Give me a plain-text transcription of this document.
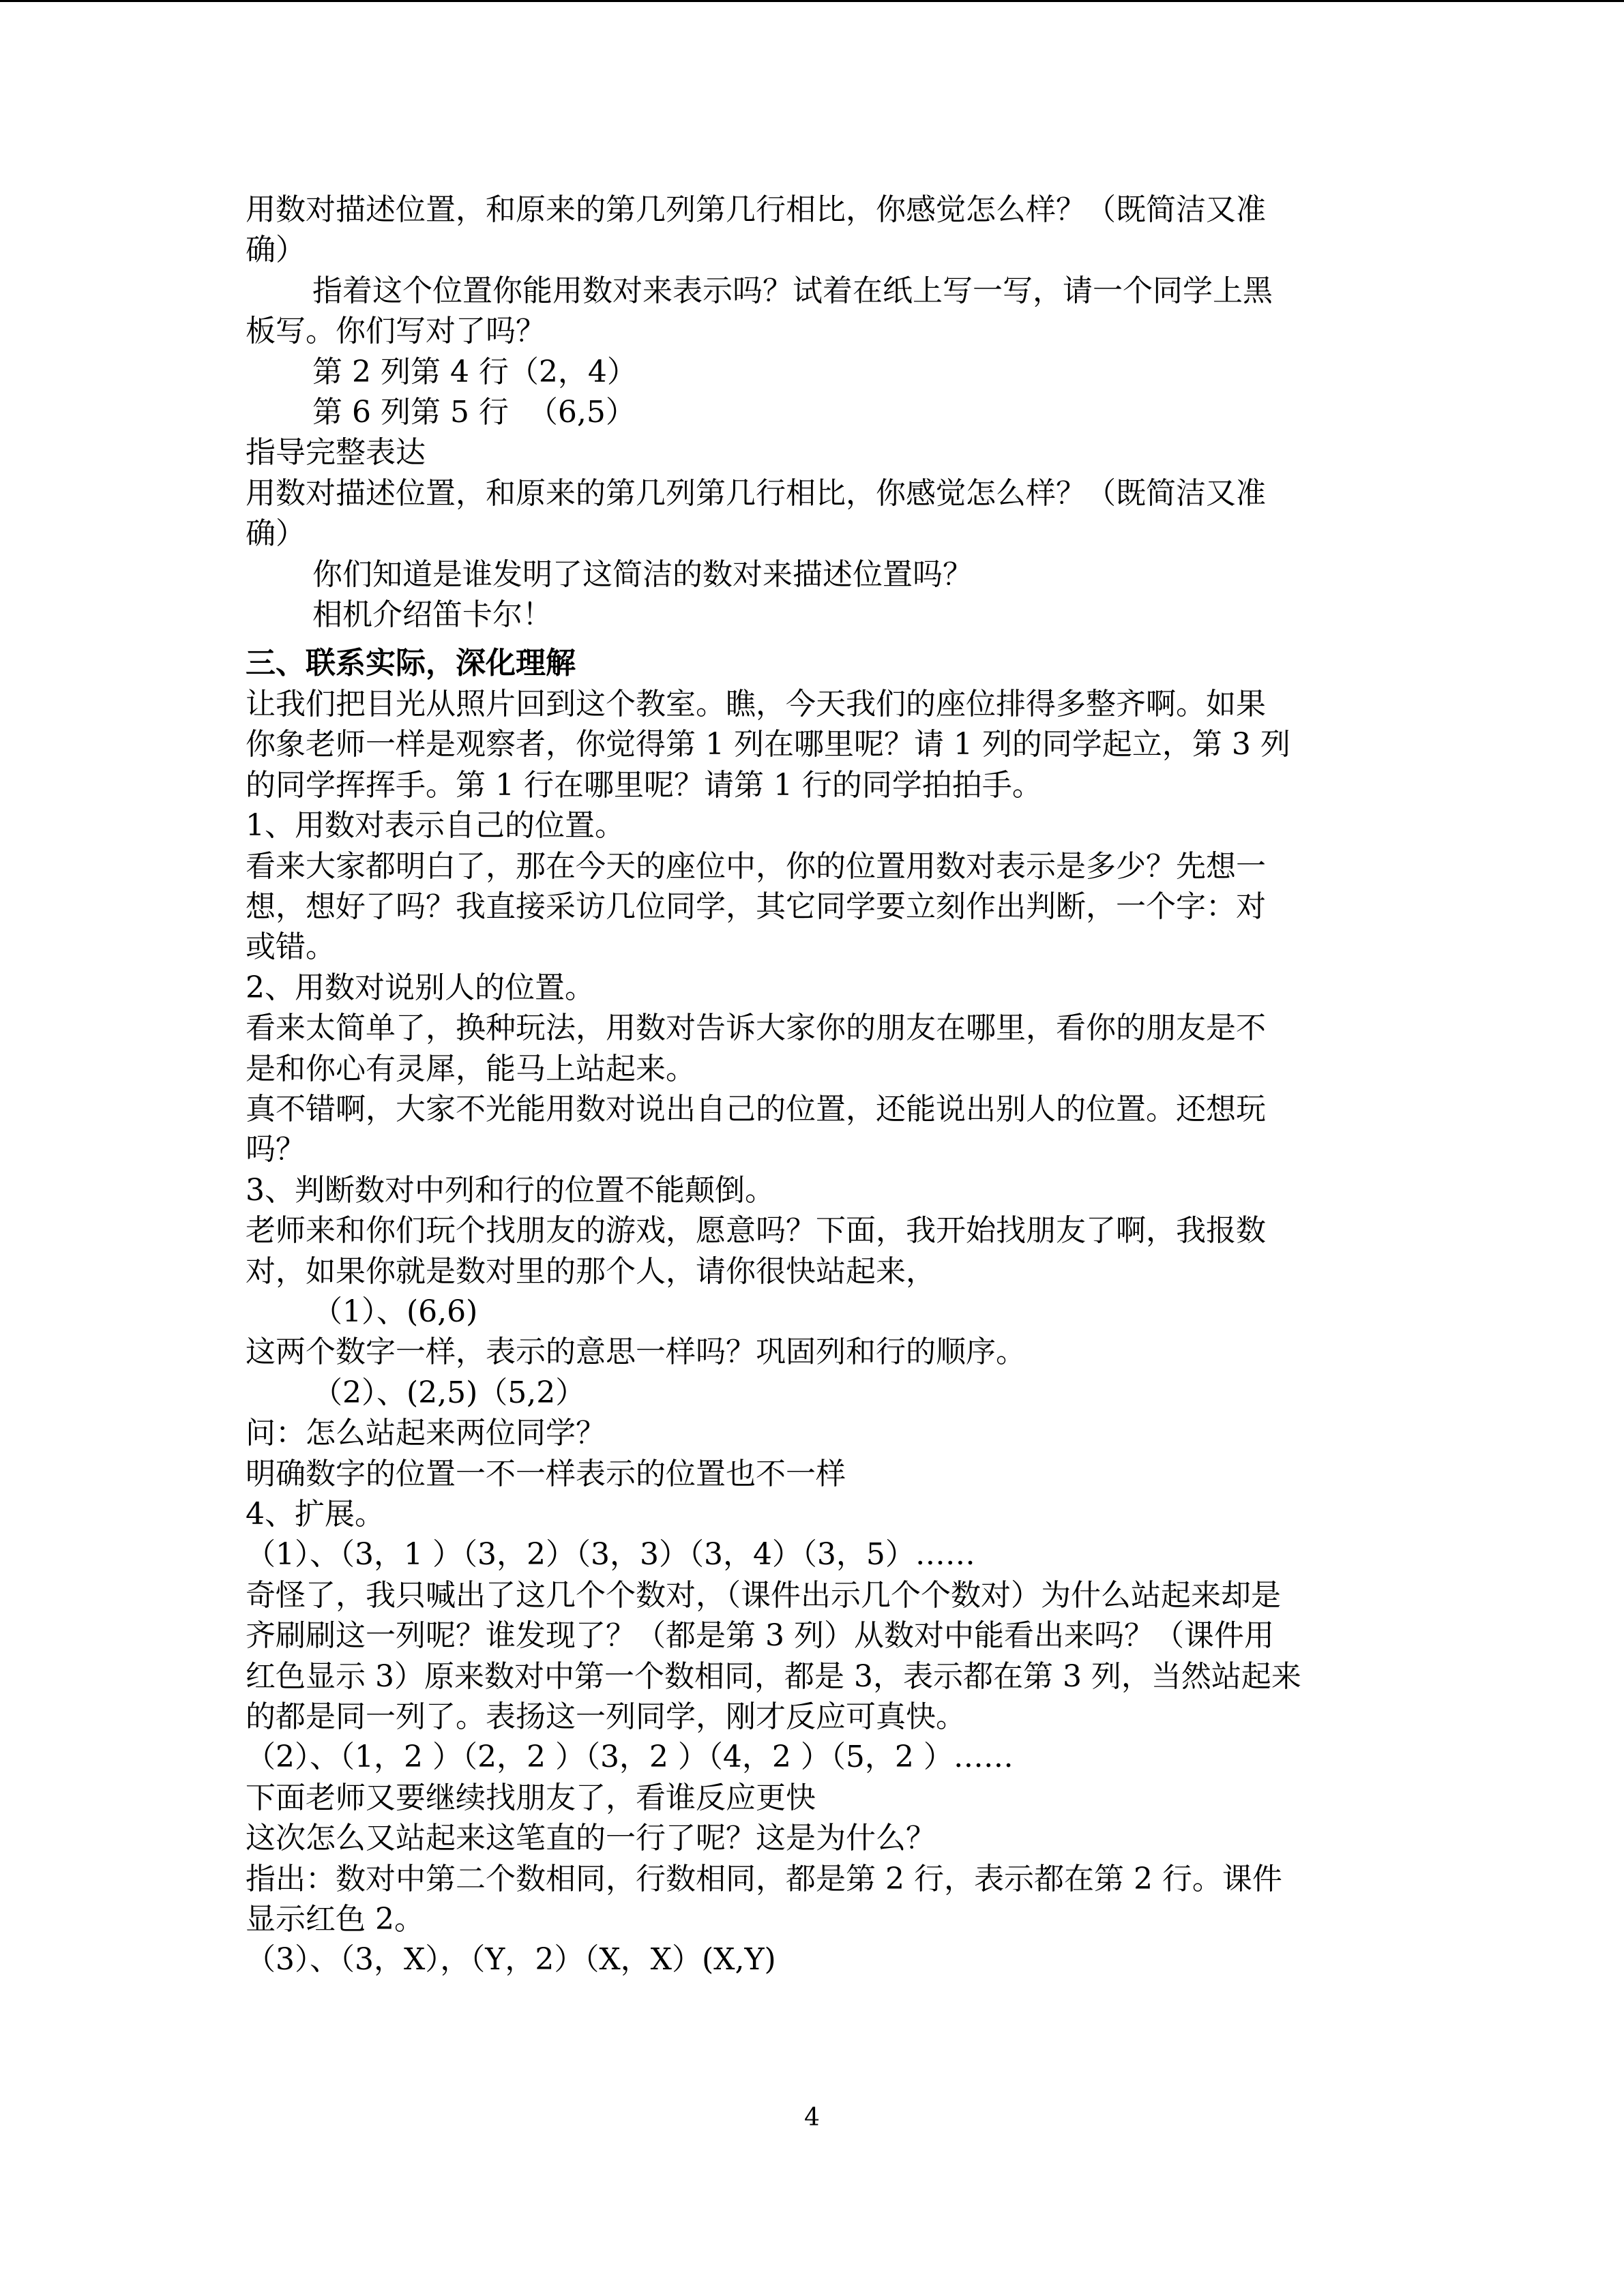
用数对描述位置，和原来的第几列第几行相比，你感觉怎么样？（既简洁又准

确）

指着这个位置你能用数对来表示吗？试着在纸上写一写，请一个同学上黑

板写。你们写对了吗？

第 2 列第 4 行（2，4）

第 6 列第 5 行  （6,5）

指导完整表达

用数对描述位置，和原来的第几列第几行相比，你感觉怎么样？（既简洁又准

确）

你们知道是谁发明了这简洁的数对来描述位置吗？

相机介绍笛卡尔！

三、联系实际，深化理解

让我们把目光从照片回到这个教室。瞧，今天我们的座位排得多整齐啊。如果

你象老师一样是观察者，你觉得第 1 列在哪里呢？请 1 列的同学起立，第 3 列

的同学挥挥手。第 1 行在哪里呢？请第 1 行的同学拍拍手。

1、用数对表示自己的位置。

看来大家都明白了，那在今天的座位中，你的位置用数对表示是多少？先想一

想，想好了吗？我直接采访几位同学，其它同学要立刻作出判断，一个字：对

或错。

2、用数对说别人的位置。

看来太简单了，换种玩法，用数对告诉大家你的朋友在哪里，看你的朋友是不

是和你心有灵犀，能马上站起来。

真不错啊，大家不光能用数对说出自己的位置，还能说出别人的位置。还想玩

吗？

3、判断数对中列和行的位置不能颠倒。

老师来和你们玩个找朋友的游戏，愿意吗？下面，我开始找朋友了啊，我报数

对，如果你就是数对里的那个人，请你很快站起来，

（1）、(6,6)

这两个数字一样，表示的意思一样吗？巩固列和行的顺序。

（2）、(2,5)（5,2）

问：怎么站起来两位同学？

明确数字的位置一不一样表示的位置也不一样

4、扩展。

（1）、（3，1 ）（3，2）（3，3）（3，4）（3，5）……

奇怪了，我只喊出了这几个个数对，（课件出示几个个数对）为什么站起来却是

齐刷刷这一列呢？谁发现了？（都是第 3 列）从数对中能看出来吗？（课件用

红色显示 3）原来数对中第一个数相同，都是 3，表示都在第 3 列，当然站起来

的都是同一列了。表扬这一列同学，刚才反应可真快。

（2）、（1，2 ）（2，2 ）（3，2 ）（4，2 ）（5，2 ）……

下面老师又要继续找朋友了，看谁反应更快

这次怎么又站起来这笔直的一行了呢？这是为什么？

指出：数对中第二个数相同，行数相同，都是第 2 行，表示都在第 2 行。课件

显示红色 2。

（3）、（3，X），（Y，2）（X，X）(X,Y)

4
